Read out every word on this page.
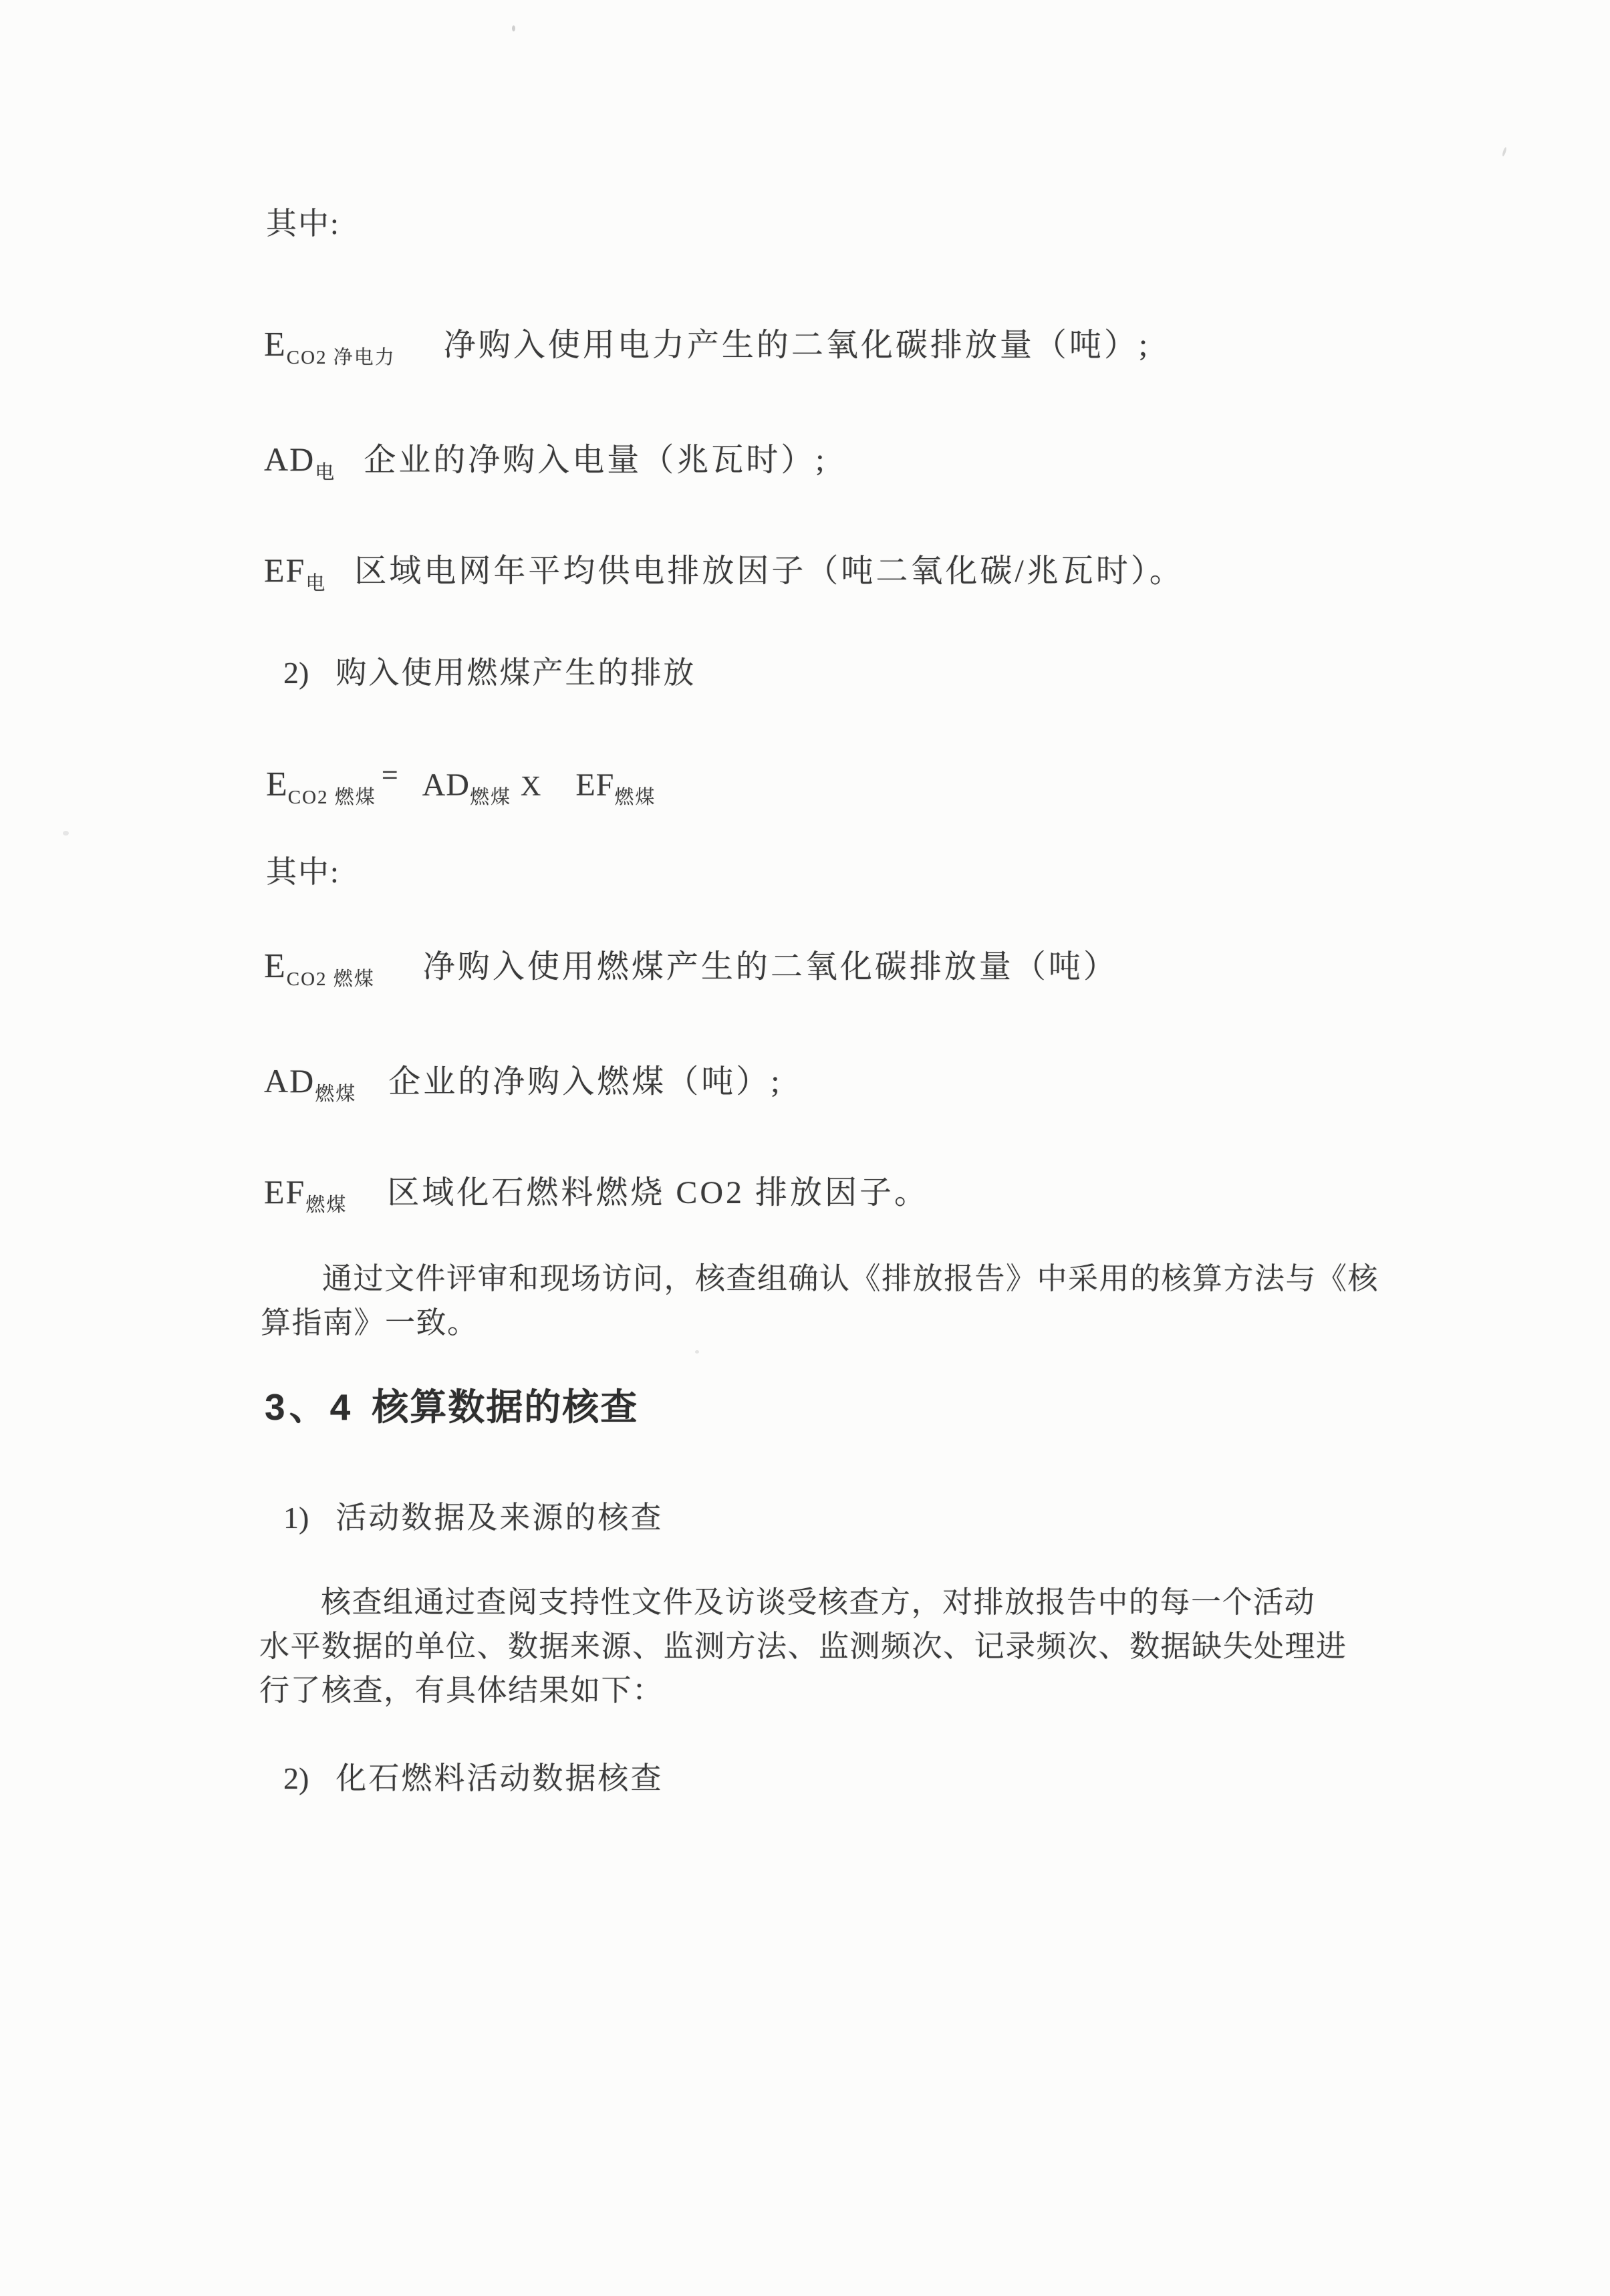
其中:
$E_{CO2 净电力}$ 净购入使用电力产生的二氧化碳排放量（吨）;
$AD_电$ 企业的净购入电量（兆瓦时）;
$EF_电$ 区域电网年平均供电排放因子（吨二氧化碳/兆瓦时）。
2) 购入使用燃煤产生的排放
$E_{CO2 燃煤}= AD_{燃煤}$ X $EF_{燃煤}$
其中:
$E_{CO2 燃煤}$ 净购入使用燃煤产生的二氧化碳排放量（吨）
$AD_{燃煤}$ 企业的净购入燃煤（吨）;
$EF_{燃煤}$ 区域化石燃料燃烧 CO2 排放因子。
通过文件评审和现场访问，核查组确认《排放报告》中采用的核算方法与《核
算指南》一致。
3、4 核算数据的核查
1) 活动数据及来源的核查
核查组通过查阅支持性文件及访谈受核查方，对排放报告中的每一个活动
水平数据的单位、数据来源、监测方法、监测频次、记录频次、数据缺失处理进
行了核查，有具体结果如下：
2) 化石燃料活动数据核查
